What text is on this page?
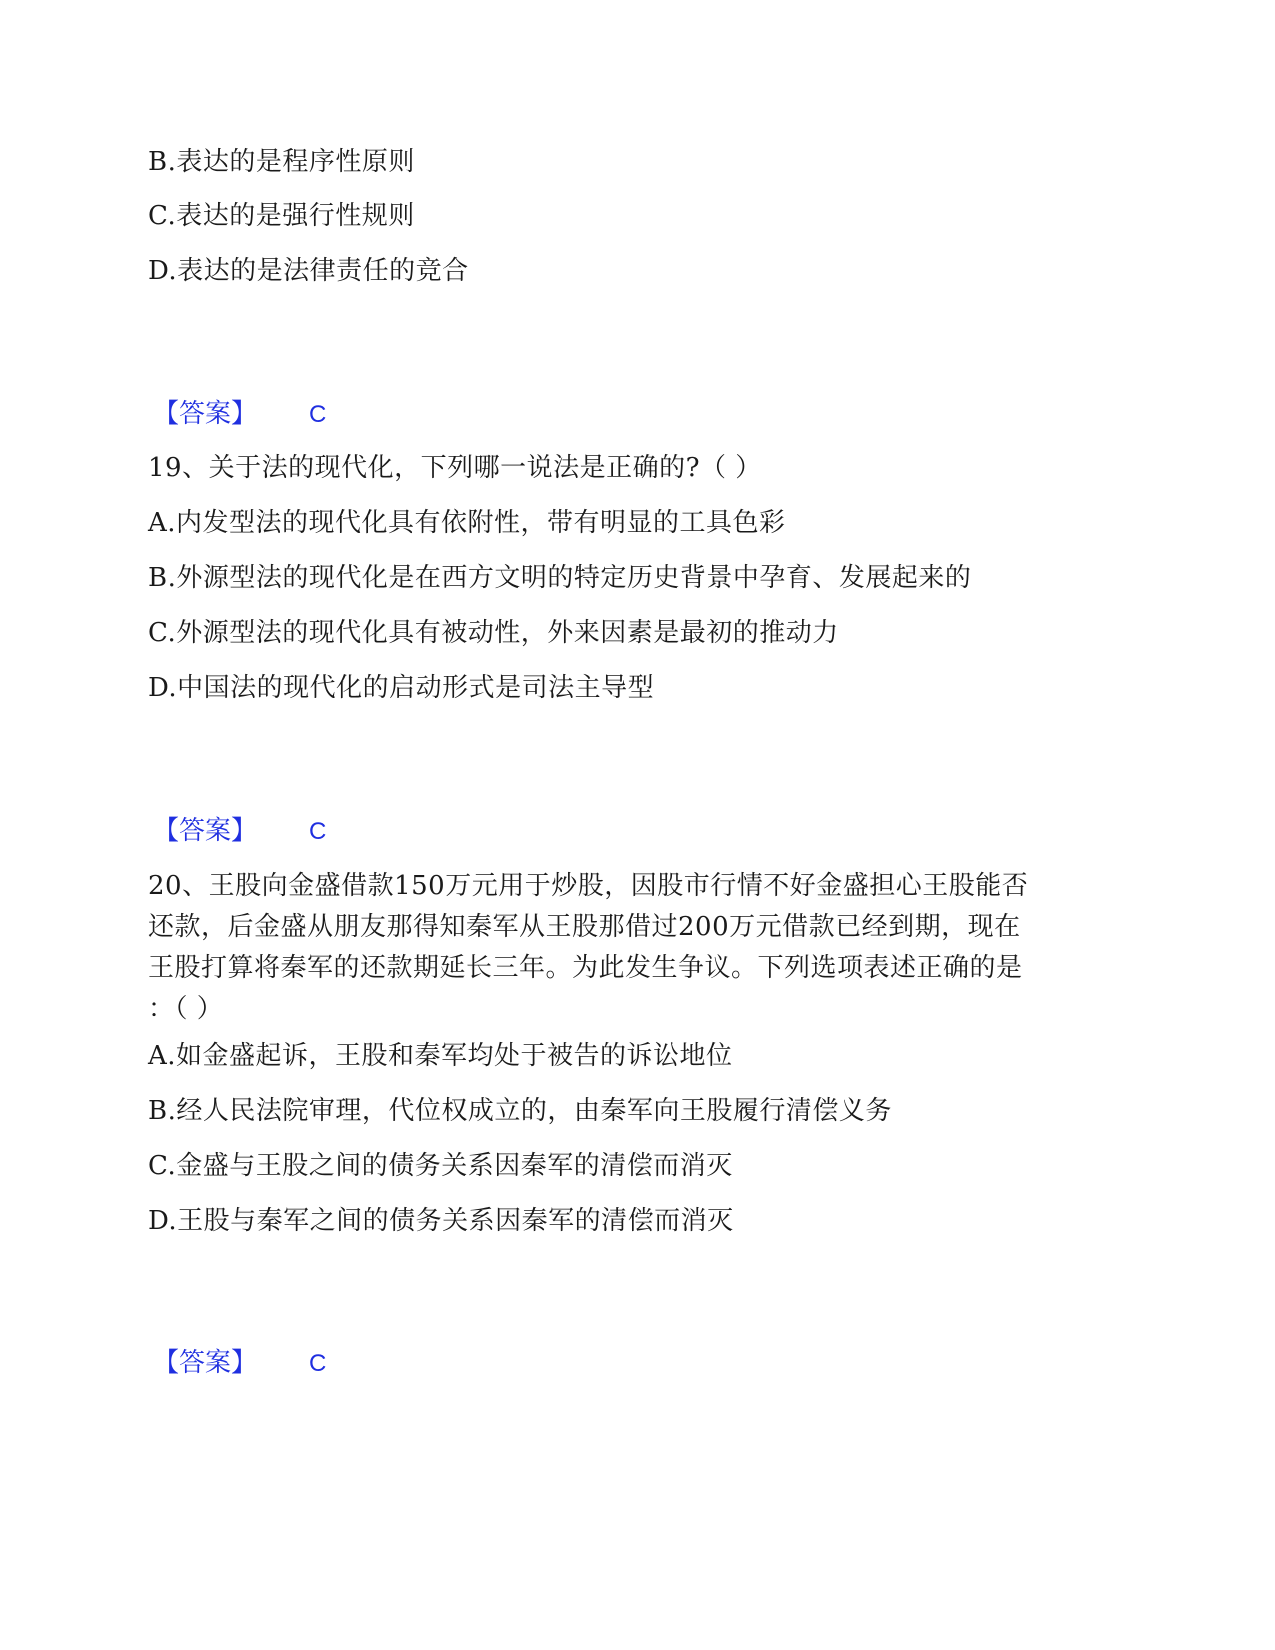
B.表达的是程序性原则
C.表达的是强行性规则
D.表达的是法律责任的竞合
【答案】 C
19、关于法的现代化，下列哪一说法是正确的?（ ）
A.内发型法的现代化具有依附性，带有明显的工具色彩
B.外源型法的现代化是在西方文明的特定历史背景中孕育、发展起来的
C.外源型法的现代化具有被动性，外来因素是最初的推动力
D.中国法的现代化的启动形式是司法主导型
【答案】 C
20、王股向金盛借款150万元用于炒股，因股市行情不好金盛担心王股能否
还款，后金盛从朋友那得知秦军从王股那借过200万元借款已经到期，现在
王股打算将秦军的还款期延长三年。为此发生争议。下列选项表述正确的是
：（ ）
A.如金盛起诉，王股和秦军均处于被告的诉讼地位
B.经人民法院审理，代位权成立的，由秦军向王股履行清偿义务
C.金盛与王股之间的债务关系因秦军的清偿而消灭
D.王股与秦军之间的债务关系因秦军的清偿而消灭
【答案】 C
